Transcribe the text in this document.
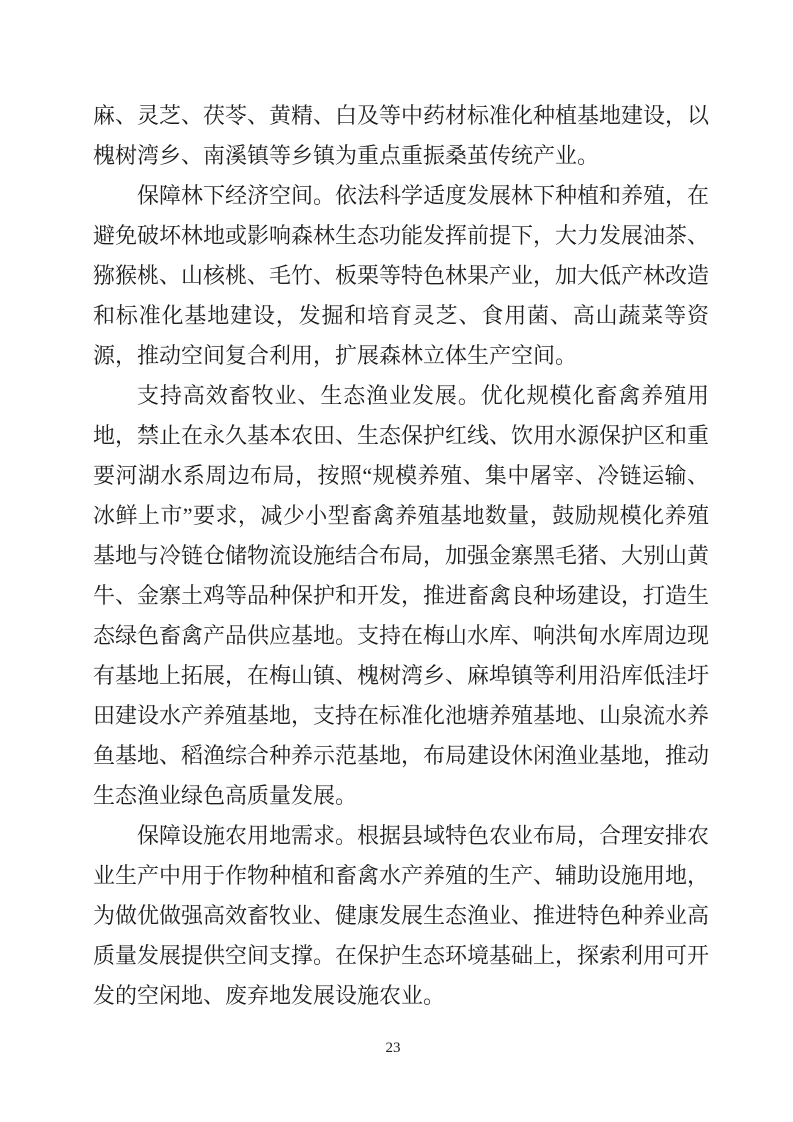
麻、灵芝、茯苓、黄精、白及等中药材标准化种植基地建设，以
槐树湾乡、南溪镇等乡镇为重点重振桑茧传统产业。
保障林下经济空间。依法科学适度发展林下种植和养殖，在
避免破坏林地或影响森林生态功能发挥前提下，大力发展油茶、
猕猴桃、山核桃、毛竹、板栗等特色林果产业，加大低产林改造
和标准化基地建设，发掘和培育灵芝、食用菌、高山蔬菜等资
源，推动空间复合利用，扩展森林立体生产空间。
支持高效畜牧业、生态渔业发展。优化规模化畜禽养殖用
地，禁止在永久基本农田、生态保护红线、饮用水源保护区和重
要河湖水系周边布局，按照“规模养殖、集中屠宰、冷链运输、
冰鲜上市”要求，减少小型畜禽养殖基地数量，鼓励规模化养殖
基地与冷链仓储物流设施结合布局，加强金寨黑毛猪、大别山黄
牛、金寨土鸡等品种保护和开发，推进畜禽良种场建设，打造生
态绿色畜禽产品供应基地。支持在梅山水库、响洪甸水库周边现
有基地上拓展，在梅山镇、槐树湾乡、麻埠镇等利用沿库低洼圩
田建设水产养殖基地，支持在标准化池塘养殖基地、山泉流水养
鱼基地、稻渔综合种养示范基地，布局建设休闲渔业基地，推动
生态渔业绿色高质量发展。
保障设施农用地需求。根据县域特色农业布局，合理安排农
业生产中用于作物种植和畜禽水产养殖的生产、辅助设施用地，
为做优做强高效畜牧业、健康发展生态渔业、推进特色种养业高
质量发展提供空间支撑。在保护生态环境基础上，探索利用可开
发的空闲地、废弃地发展设施农业。
23
